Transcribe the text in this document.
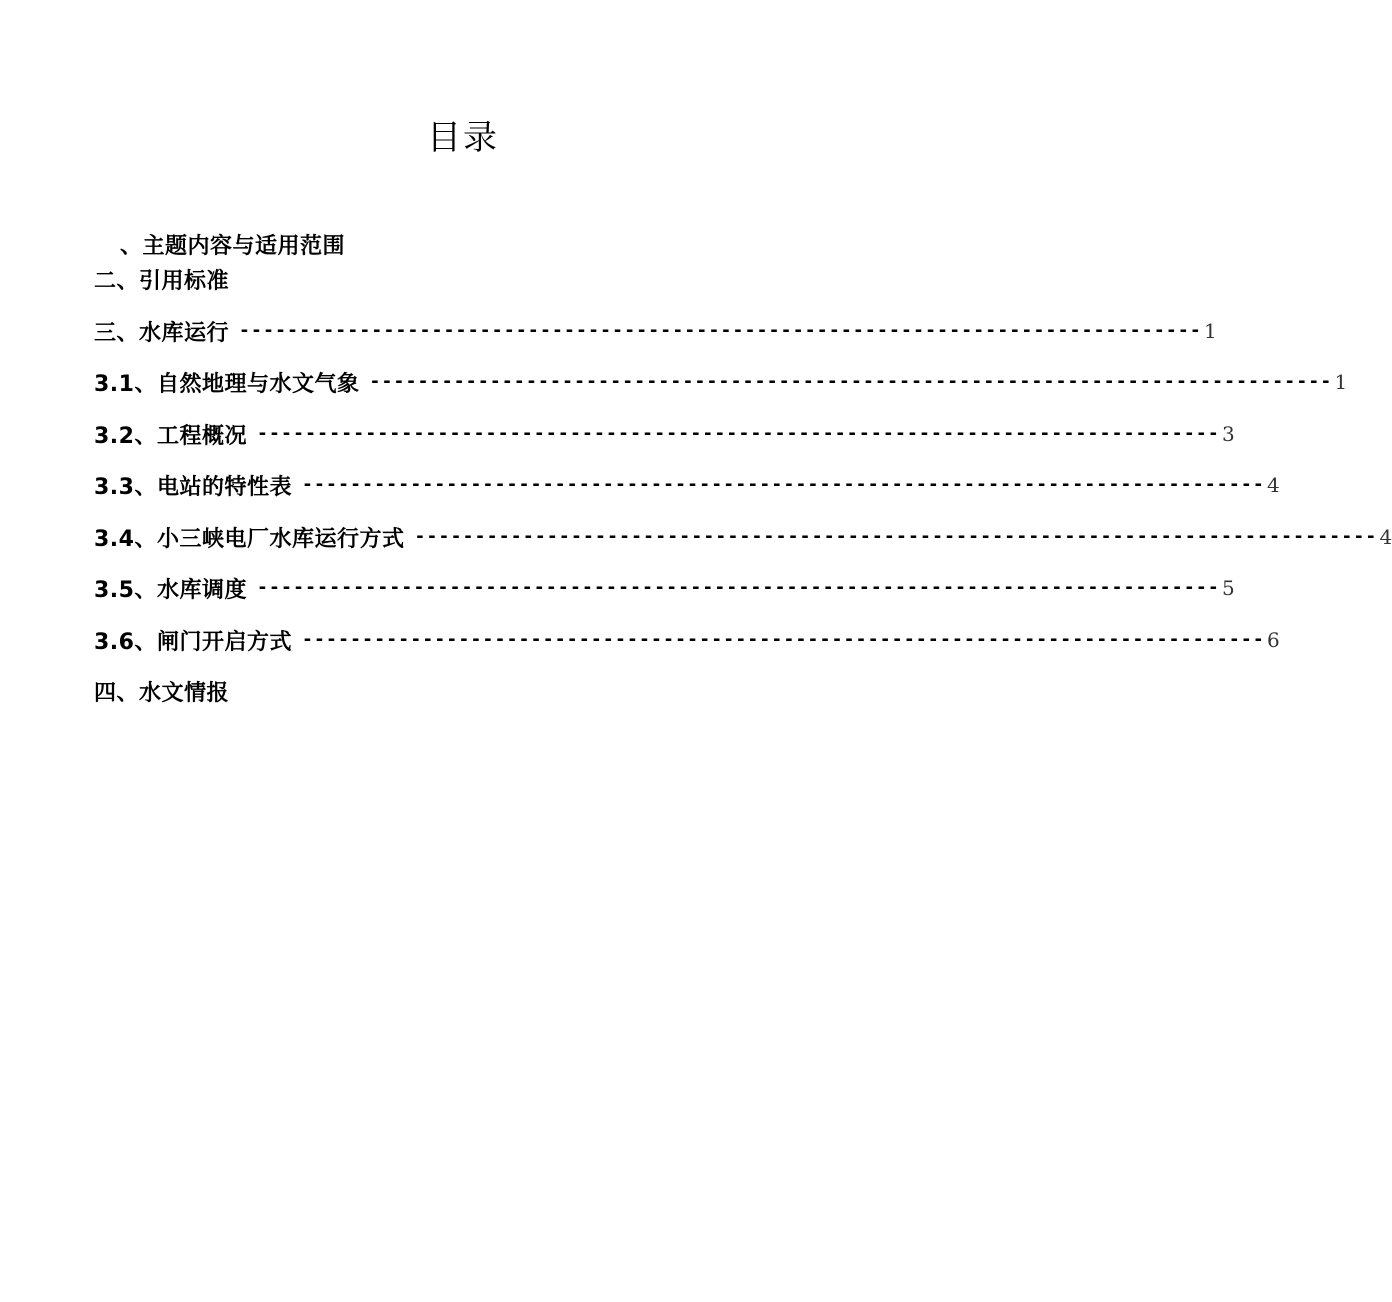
目录
、主题内容与适用范围
二、引用标准
三、水库运行 -------------------------------------------------------------------------------- 1
3.1、自然地理与水文气象 -------------------------------------------------------------------------------- 1
3.2、工程概况 -------------------------------------------------------------------------------- 3
3.3、电站的特性表 -------------------------------------------------------------------------------- 4
3.4、小三峡电厂水库运行方式 -------------------------------------------------------------------------------- 4
3.5、水库调度 -------------------------------------------------------------------------------- 5
3.6、闸门开启方式 -------------------------------------------------------------------------------- 6
四、水文情报
